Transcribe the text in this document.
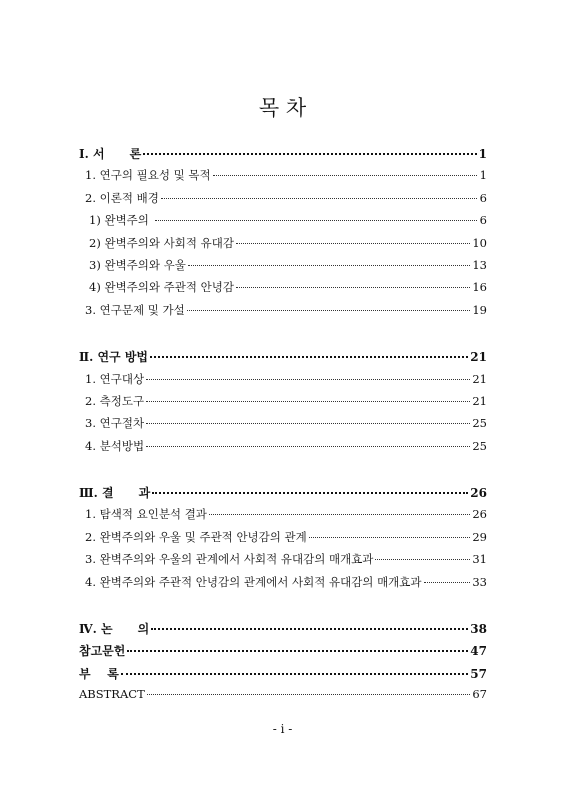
목 차
Ⅰ. 서      론	1
1. 연구의 필요성 및 목적	1
2. 이론적 배경	6
1) 완벽주의	6
2) 완벽주의와 사회적 유대감	10
3) 완벽주의와 우울	13
4) 완벽주의와 주관적 안녕감	16
3. 연구문제 및 가설	19
Ⅱ. 연구 방법	21
1. 연구대상	21
2. 측정도구	21
3. 연구절차	25
4. 분석방법	25
Ⅲ. 결      과	26
1. 탐색적 요인분석 결과	26
2. 완벽주의와 우울 및 주관적 안녕감의 관계	29
3. 완벽주의와 우울의 관계에서 사회적 유대감의 매개효과	31
4. 완벽주의와 주관적 안녕감의 관계에서 사회적 유대감의 매개효과	33
Ⅳ. 논      의	38
참고문헌	47
부    록	57
ABSTRACT	67
- i -
